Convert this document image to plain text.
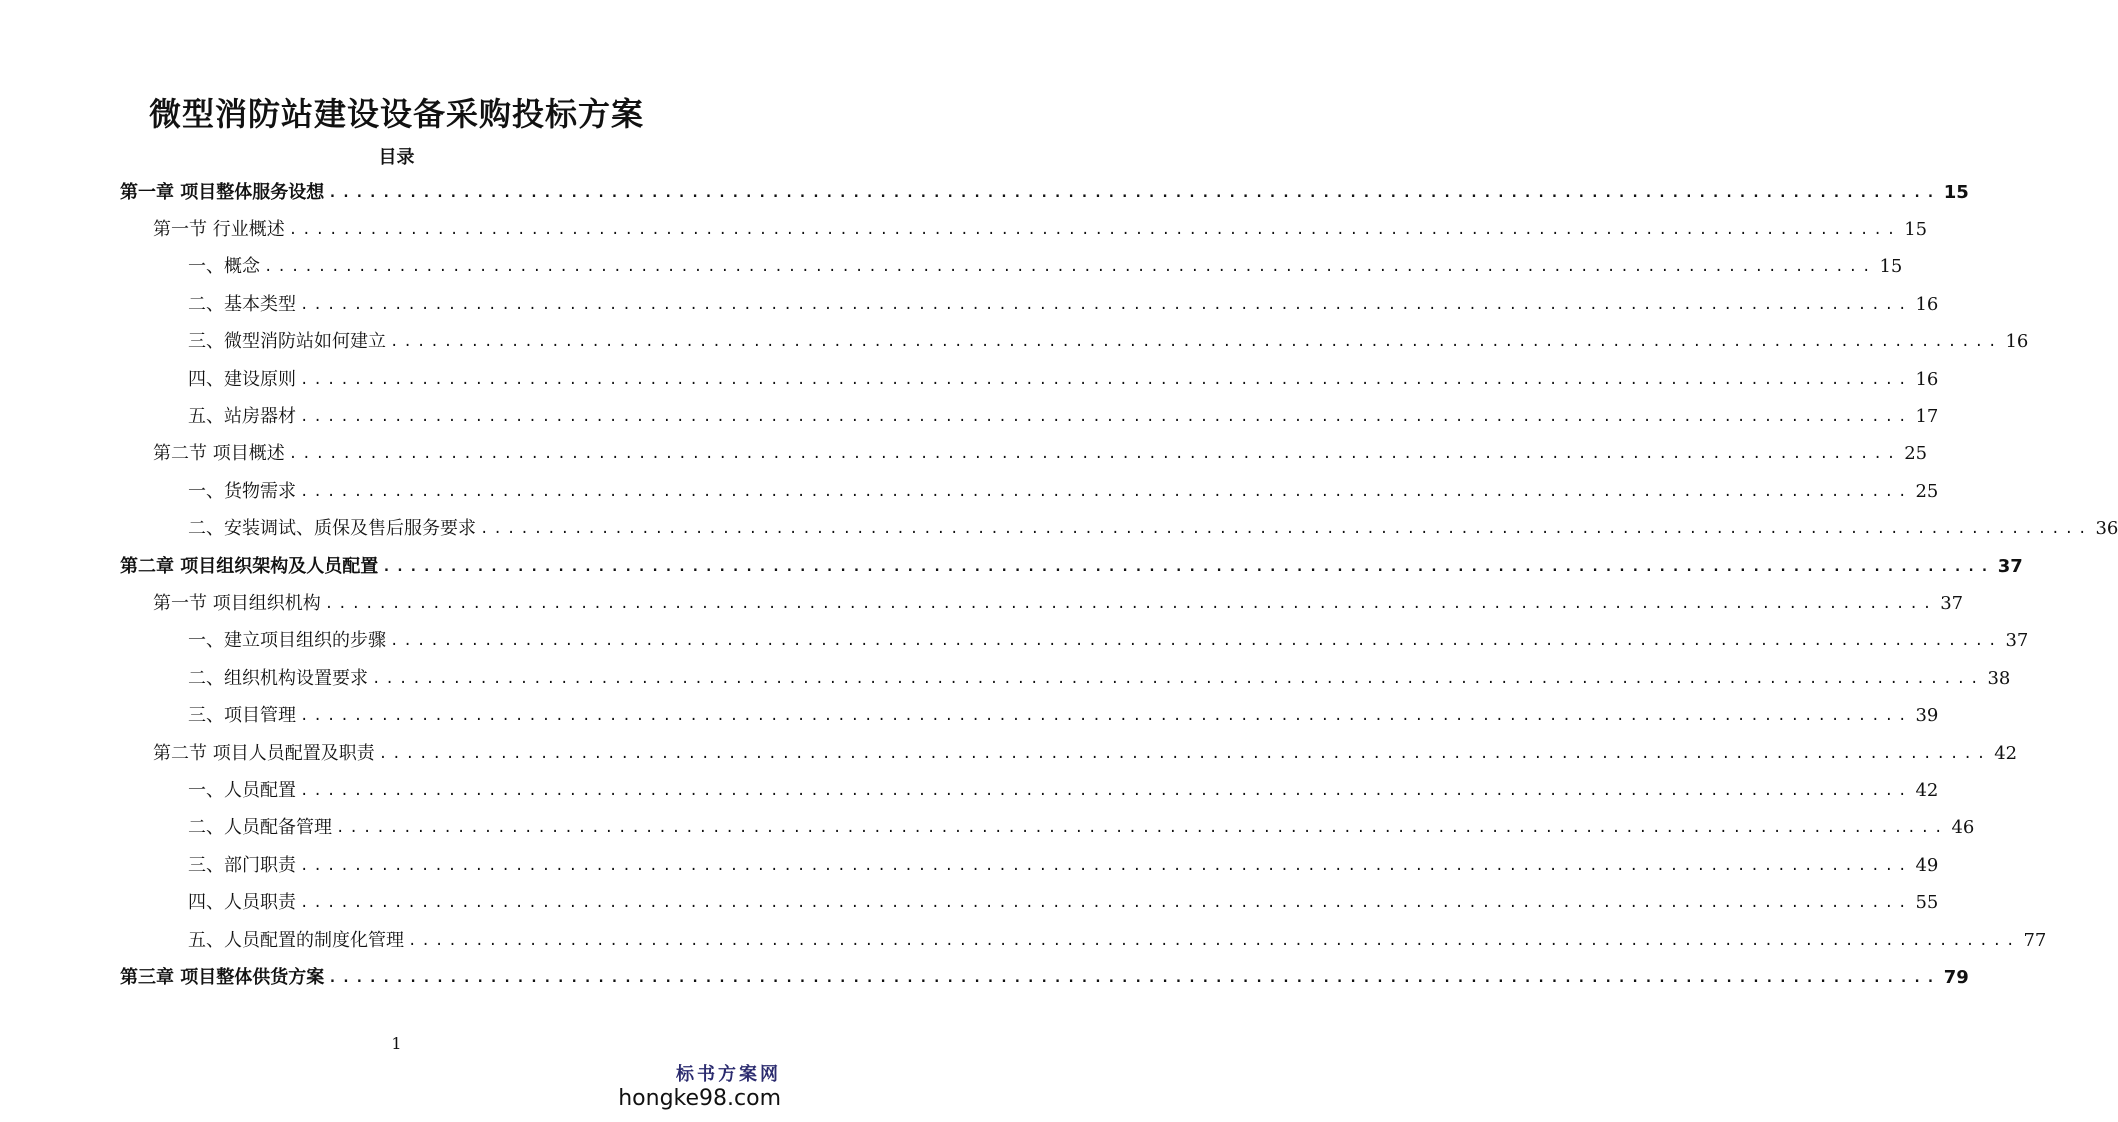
微型消防站建设设备采购投标方案
目录
第一章 项目整体服务设想 ........................................................................................................................ 15
第一节 行业概述 ........................................................................................................................ 15
一、概念 ........................................................................................................................ 15
二、基本类型 ........................................................................................................................ 16
三、微型消防站如何建立 ........................................................................................................................ 16
四、建设原则 ........................................................................................................................ 16
五、站房器材 ........................................................................................................................ 17
第二节 项目概述 ........................................................................................................................ 25
一、货物需求 ........................................................................................................................ 25
二、安装调试、质保及售后服务要求 ........................................................................................................................ 36
第二章 项目组织架构及人员配置 ........................................................................................................................ 37
第一节 项目组织机构 ........................................................................................................................ 37
一、建立项目组织的步骤 ........................................................................................................................ 37
二、组织机构设置要求 ........................................................................................................................ 38
三、项目管理 ........................................................................................................................ 39
第二节 项目人员配置及职责 ........................................................................................................................ 42
一、人员配置 ........................................................................................................................ 42
二、人员配备管理 ........................................................................................................................ 46
三、部门职责 ........................................................................................................................ 49
四、人员职责 ........................................................................................................................ 55
五、人员配置的制度化管理 ........................................................................................................................ 77
第三章 项目整体供货方案 ........................................................................................................................ 79
1
标书方案网
hongke98.com
